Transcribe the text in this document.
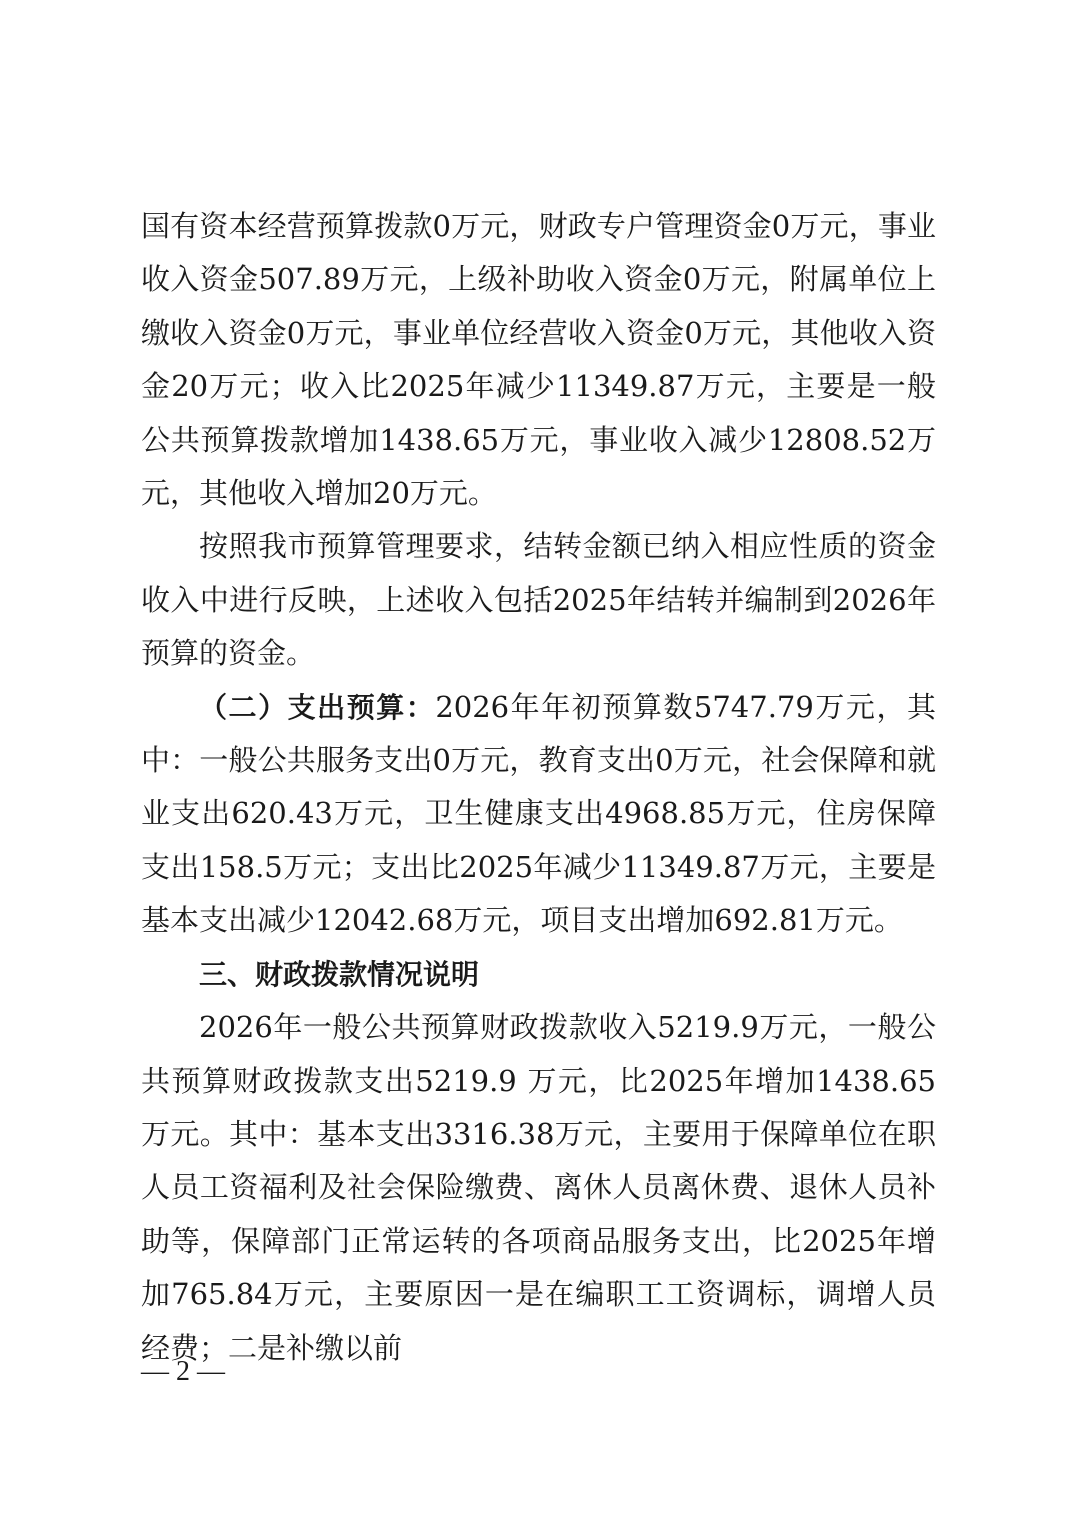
国有资本经营预算拨款0万元，财政专户管理资金0万元，事业收入资金507.89万元，上级补助收入资金0万元，附属单位上缴收入资金0万元，事业单位经营收入资金0万元，其他收入资金20万元；收入比2025年减少11349.87万元，主要是一般公共预算拨款增加1438.65万元，事业收入减少12808.52万元，其他收入增加20万元。

按照我市预算管理要求，结转金额已纳入相应性质的资金收入中进行反映，上述收入包括2025年结转并编制到2026年预算的资金。

（二）支出预算：2026年年初预算数5747.79万元，其中：一般公共服务支出0万元，教育支出0万元，社会保障和就业支出620.43万元，卫生健康支出4968.85万元，住房保障支出158.5万元；支出比2025年减少11349.87万元，主要是基本支出减少12042.68万元，项目支出增加692.81万元。

三、财政拨款情况说明

2026年一般公共预算财政拨款收入5219.9万元，一般公共预算财政拨款支出5219.9 万元，比2025年增加1438.65万元。其中：基本支出3316.38万元，主要用于保障单位在职人员工资福利及社会保险缴费、离休人员离休费、退休人员补助等，保障部门正常运转的各项商品服务支出，比2025年增加765.84万元，主要原因一是在编职工工资调标，调增人员经费；二是补缴以前

— 2 —
